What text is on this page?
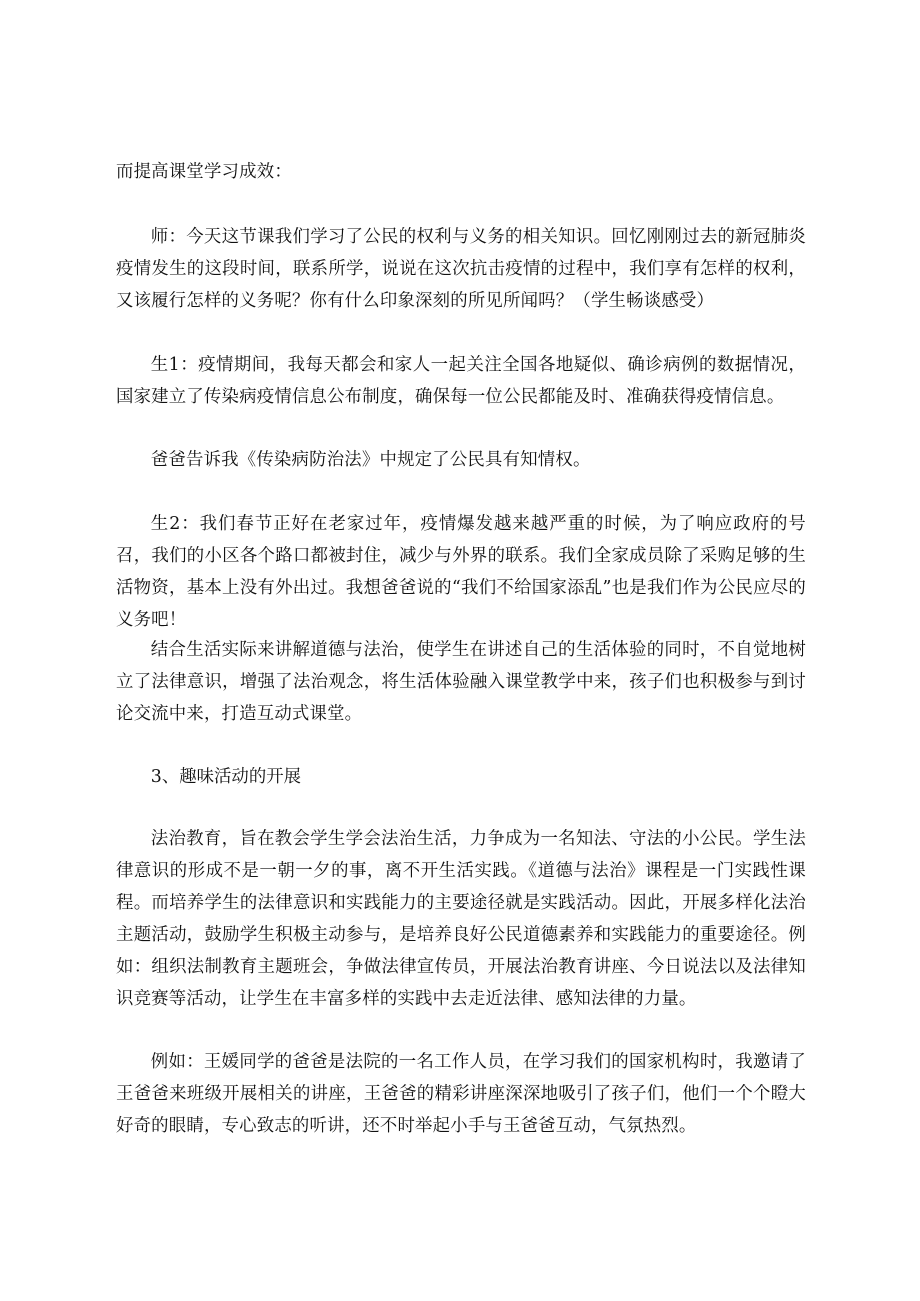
而提高课堂学习成效：

师：今天这节课我们学习了公民的权利与义务的相关知识。回忆刚刚过去的新冠肺炎疫情发生的这段时间，联系所学，说说在这次抗击疫情的过程中，我们享有怎样的权利，又该履行怎样的义务呢？你有什么印象深刻的所见所闻吗？（学生畅谈感受）

生1：疫情期间，我每天都会和家人一起关注全国各地疑似、确诊病例的数据情况，国家建立了传染病疫情信息公布制度，确保每一位公民都能及时、准确获得疫情信息。

爸爸告诉我《传染病防治法》中规定了公民具有知情权。

生2：我们春节正好在老家过年，疫情爆发越来越严重的时候，为了响应政府的号召，我们的小区各个路口都被封住，减少与外界的联系。我们全家成员除了采购足够的生活物资，基本上没有外出过。我想爸爸说的“我们不给国家添乱”也是我们作为公民应尽的义务吧！

结合生活实际来讲解道德与法治，使学生在讲述自己的生活体验的同时，不自觉地树立了法律意识，增强了法治观念，将生活体验融入课堂教学中来，孩子们也积极参与到讨论交流中来，打造互动式课堂。

3、趣味活动的开展

法治教育，旨在教会学生学会法治生活，力争成为一名知法、守法的小公民。学生法律意识的形成不是一朝一夕的事，离不开生活实践。《道德与法治》课程是一门实践性课程。而培养学生的法律意识和实践能力的主要途径就是实践活动。因此，开展多样化法治主题活动，鼓励学生积极主动参与，是培养良好公民道德素养和实践能力的重要途径。例如：组织法制教育主题班会，争做法律宣传员，开展法治教育讲座、今日说法以及法律知识竞赛等活动，让学生在丰富多样的实践中去走近法律、感知法律的力量。

例如：王媛同学的爸爸是法院的一名工作人员，在学习我们的国家机构时，我邀请了王爸爸来班级开展相关的讲座，王爸爸的精彩讲座深深地吸引了孩子们，他们一个个瞪大好奇的眼睛，专心致志的听讲，还不时举起小手与王爸爸互动，气氛热烈。
